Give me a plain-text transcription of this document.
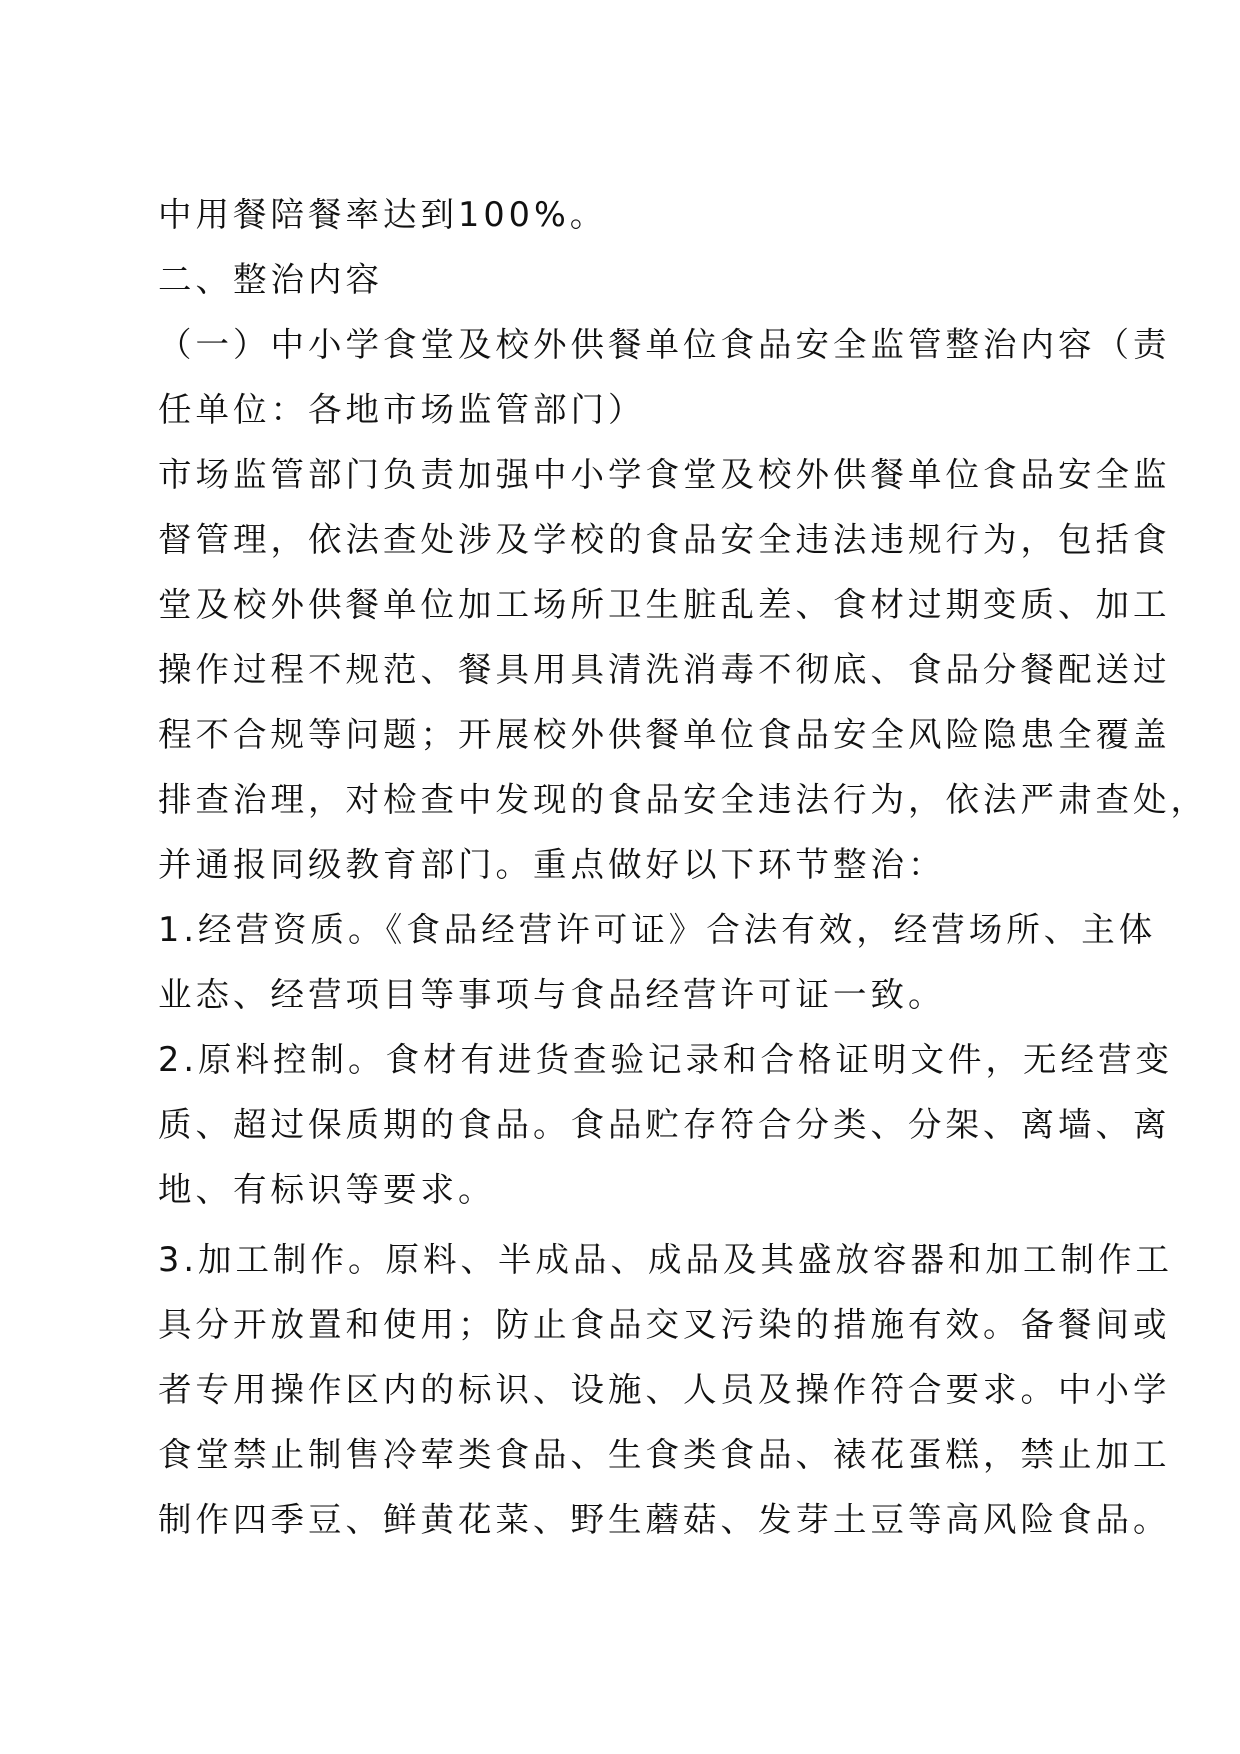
中用餐陪餐率达到100%。
二、整治内容
（一）中小学食堂及校外供餐单位食品安全监管整治内容（责
任单位：各地市场监管部门）
市场监管部门负责加强中小学食堂及校外供餐单位食品安全监
督管理，依法查处涉及学校的食品安全违法违规行为，包括食
堂及校外供餐单位加工场所卫生脏乱差、食材过期变质、加工
操作过程不规范、餐具用具清洗消毒不彻底、食品分餐配送过
程不合规等问题；开展校外供餐单位食品安全风险隐患全覆盖
排查治理，对检查中发现的食品安全违法行为，依法严肃查处，
并通报同级教育部门。重点做好以下环节整治：
1.经营资质。《食品经营许可证》合法有效，经营场所、主体
业态、经营项目等事项与食品经营许可证一致。
2.原料控制。食材有进货查验记录和合格证明文件，无经营变
质、超过保质期的食品。食品贮存符合分类、分架、离墙、离
地、有标识等要求。
3.加工制作。原料、半成品、成品及其盛放容器和加工制作工
具分开放置和使用；防止食品交叉污染的措施有效。备餐间或
者专用操作区内的标识、设施、人员及操作符合要求。中小学
食堂禁止制售冷荤类食品、生食类食品、裱花蛋糕，禁止加工
制作四季豆、鲜黄花菜、野生蘑菇、发芽土豆等高风险食品。
